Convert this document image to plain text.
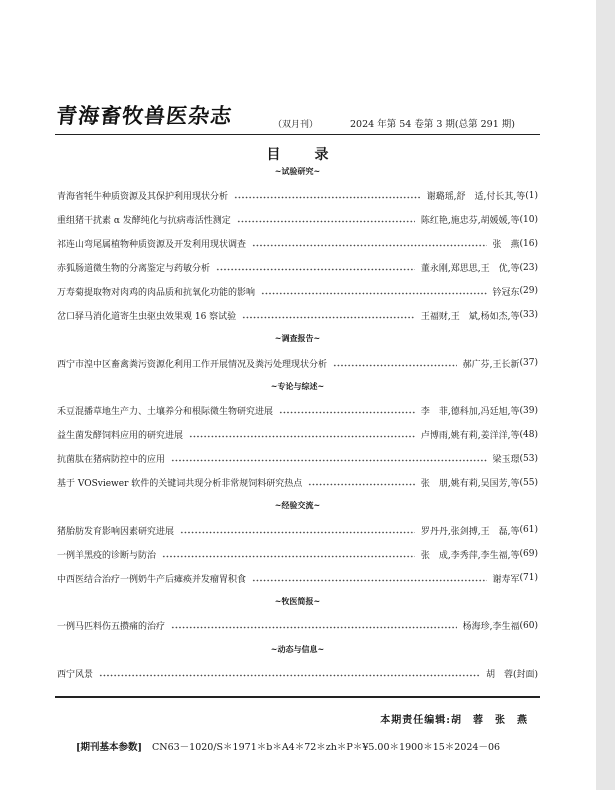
青海畜牧兽医杂志	（双月刊）	2024 年第 54 卷第 3 期(总第 291 期)
目　录
~试验研究~
青海省牦牛种质资源及其保护利用现状分析	谢璐瑶,舒　适,付长其,等 (1)
重组猪干扰素 α 发酵纯化与抗病毒活性测定	陈红艳,施忠芬,胡媛媛,等 (10)
祁连山弯尾属植物种质资源及开发利用现状调查	张　燕 (16)
赤狐肠道微生物的分离鉴定与药敏分析	董永刚,郑思思,王　优,等 (23)
万寿菊提取物对肉鸡的肉品质和抗氧化功能的影响	钤冠东 (29)
岔口驿马消化道寄生虫驱虫效果观 16 察试验	王福财,王　斌,杨如杰,等 (33)
~调查报告~
西宁市湟中区畜禽粪污资源化利用工作开展情况及粪污处理现状分析	郝广芬,王长新 (37)
~专论与综述~
禾豆混播草地生产力、土壤养分和根际微生物研究进展	李　菲,德科加,冯廷旭,等 (39)
益生菌发酵饲料应用的研究进展	卢博雨,姚有莉,姜洋洋,等 (48)
抗菌肽在猪病防控中的应用	梁玉璟 (53)
基于 VOSviewer 软件的关键词共现分析非常规饲料研究热点	张　朋,姚有莉,吴国芳,等 (55)
~经验交流~
猪胎肪发育影响因素研究进展	罗丹丹,张剑搏,王　磊,等 (61)
一例羊黑疫的诊断与防治	张　成,李秀萍,李生福,等 (69)
中西医结合治疗一例奶牛产后瘫痪并发瘤胃积食	谢寿军 (71)
~牧医简报~
一例马匹料伤五攒痛的治疗	杨海珍,李生福 (60)
~动态与信息~
西宁风景	胡　蓉 (封面)
本期责任编辑:胡　蓉　张　燕
[期刊基本参数] CN63－1020/S＊1971＊b＊A4＊72＊zh＊P＊¥5.00＊1900＊15＊2024－06
